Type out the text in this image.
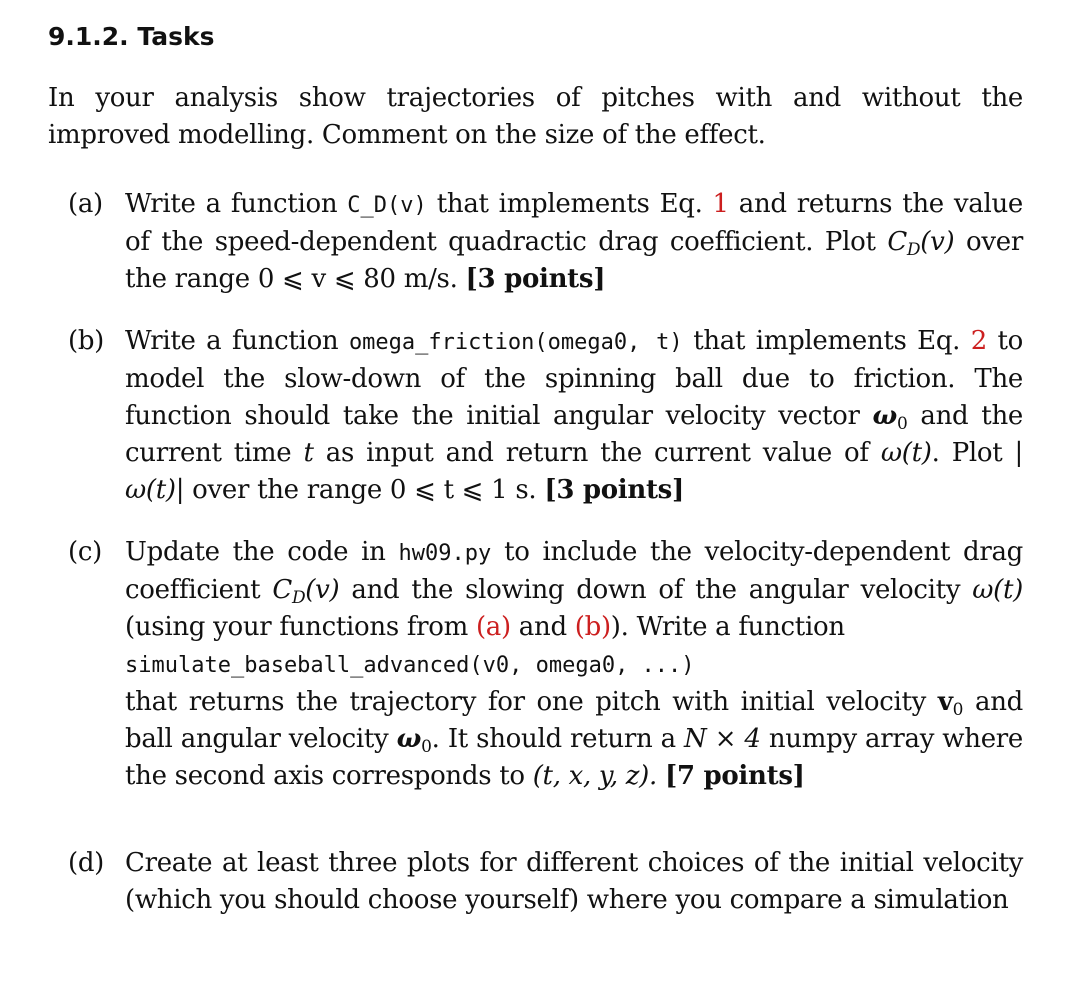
9.1.2. Tasks
In your analysis show trajectories of pitches with and without the improved modelling. Comment on the size of the effect.
(a) Write a function C_D(v) that implements Eq. 1 and returns the value of the speed-dependent quadractic drag coefficient. Plot $C_D(v)$ over the range 0 ⩽ v ⩽ 80 m/s. [3 points]

(b) Write a function omega_friction(omega0, t) that implements Eq. 2 to model the slow-down of the spinning ball due to friction. The function should take the initial angular velocity vector $\omega_0$ and the current time t as input and return the current value of ω(t). Plot |ω(t)| over the range 0 ⩽ t ⩽ 1 s. [3 points]

(c) Update the code in hw09.py to include the velocity-dependent drag coefficient $C_D(v)$ and the slowing down of the angular velocity ω(t) (using your functions from (a) and (b)). Write a function

simulate_baseball_advanced(v0, omega0, ...)

that returns the trajectory for one pitch with initial velocity $v_0$ and ball angular velocity $\omega_0$. It should return a N × 4 numpy array where the second axis corresponds to (t, x, y, z). [7 points]

(d) Create at least three plots for different choices of the initial velocity (which you should choose yourself) where you compare a simulation
